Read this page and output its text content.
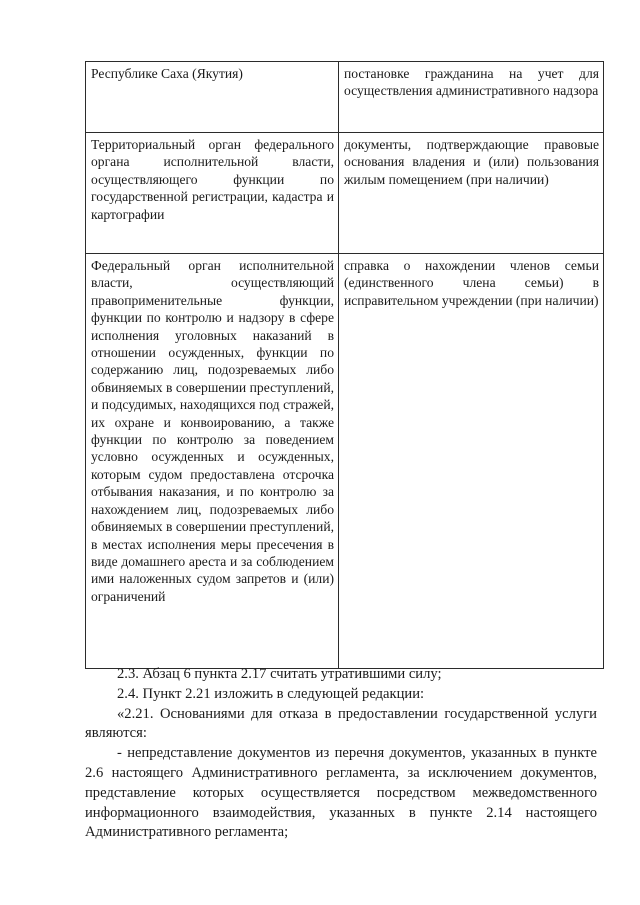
Республике Саха (Якутия)	постановке гражданина на учет для осуществления административного надзора
Территориальный орган федерального органа исполнительной власти, осуществляющего функции по государственной регистрации, кадастра и картографии	документы, подтверждающие правовые основания владения и (или) пользования жилым помещением (при наличии)
Федеральный орган исполнительной власти, осуществляющий правоприменительные функции, функции по контролю и надзору в сфере исполнения уголовных наказаний в отношении осужденных, функции по содержанию лиц, подозреваемых либо обвиняемых в совершении преступлений, и подсудимых, находящихся под стражей, их охране и конвоированию, а также функции по контролю за поведением условно осужденных и осужденных, которым судом предоставлена отсрочка отбывания наказания, и по контролю за нахождением лиц, подозреваемых либо обвиняемых в совершении преступлений, в местах исполнения меры пресечения в виде домашнего ареста и за соблюдением ими наложенных судом запретов и (или) ограничений	справка о нахождении членов семьи (единственного члена семьи) в исправительном учреждении (при наличии)

2.3. Абзац 6 пункта 2.17 считать утратившими силу;

2.4. Пункт 2.21 изложить в следующей редакции:

«2.21. Основаниями для отказа в предоставлении государственной услуги являются:

- непредставление документов из перечня документов, указанных в пункте 2.6 настоящего Административного регламента, за исключением документов, представление которых осуществляется посредством межведомственного информационного взаимодействия, указанных в пункте 2.14 настоящего Административного регламента;
